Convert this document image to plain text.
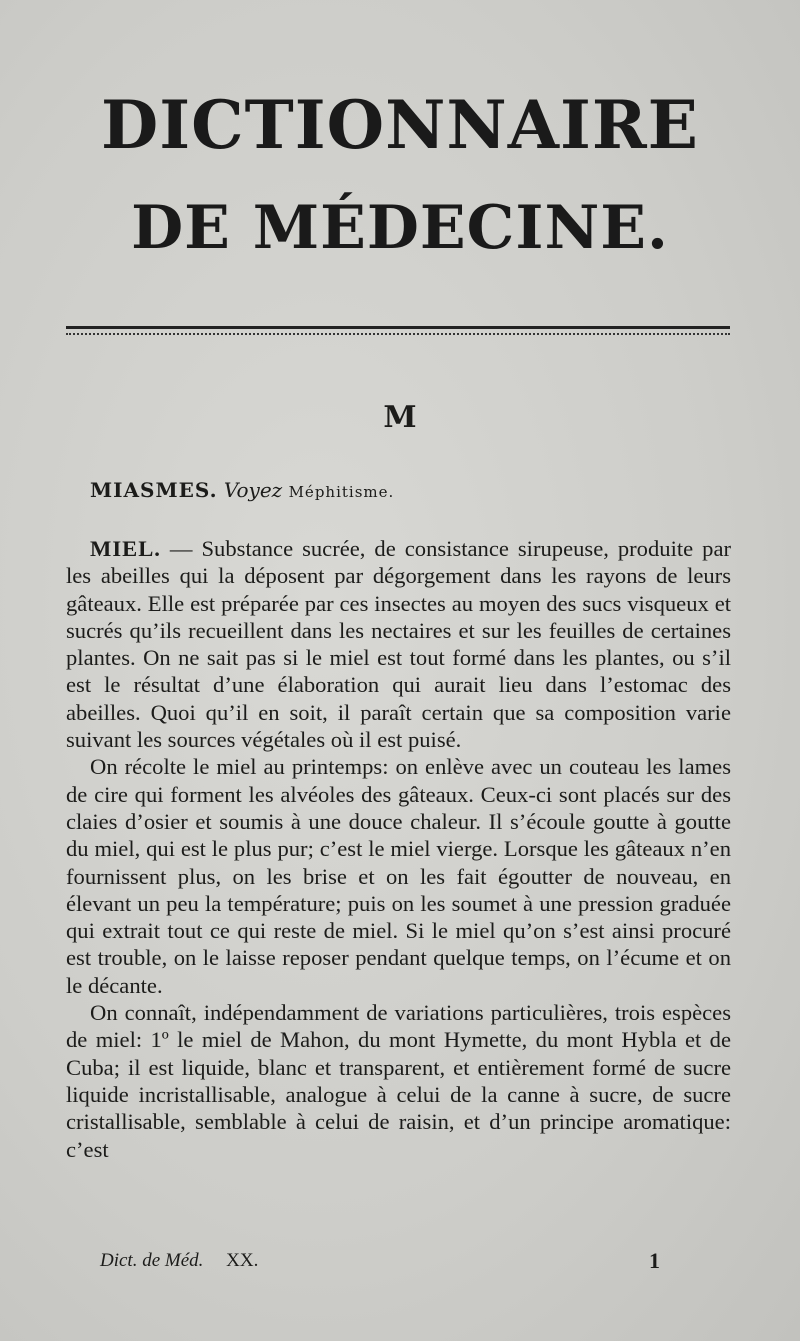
DICTIONNAIRE
DE MÉDECINE.
M
MIASMES. Voyez Méphitisme.

MIEL. — Substance sucrée, de consistance sirupeuse, produite par les abeilles qui la déposent par dégorgement dans les rayons de leurs gâteaux. Elle est préparée par ces insectes au moyen des sucs visqueux et sucrés qu’ils recueillent dans les nectaires et sur les feuilles de certaines plantes. On ne sait pas si le miel est tout formé dans les plantes, ou s’il est le résultat d’une élaboration qui aurait lieu dans l’estomac des abeilles. Quoi qu’il en soit, il paraît certain que sa composition varie suivant les sources végétales où il est puisé.

On récolte le miel au printemps: on enlève avec un couteau les lames de cire qui forment les alvéoles des gâteaux. Ceux-ci sont placés sur des claies d’osier et soumis à une douce chaleur. Il s’écoule goutte à goutte du miel, qui est le plus pur; c’est le miel vierge. Lorsque les gâteaux n’en fournissent plus, on les brise et on les fait égoutter de nouveau, en élevant un peu la température; puis on les soumet à une pression graduée qui extrait tout ce qui reste de miel. Si le miel qu’on s’est ainsi procuré est trouble, on le laisse reposer pendant quelque temps, on l’écume et on le décante.

On connaît, indépendamment de variations particulières, trois espèces de miel: 1º le miel de Mahon, du mont Hymette, du mont Hybla et de Cuba; il est liquide, blanc et transparent, et entièrement formé de sucre liquide incristallisable, analogue à celui de la canne à sucre, de sucre cristallisable, semblable à celui de raisin, et d’un principe aromatique: c’est

Dict. de Méd. XX.	1
